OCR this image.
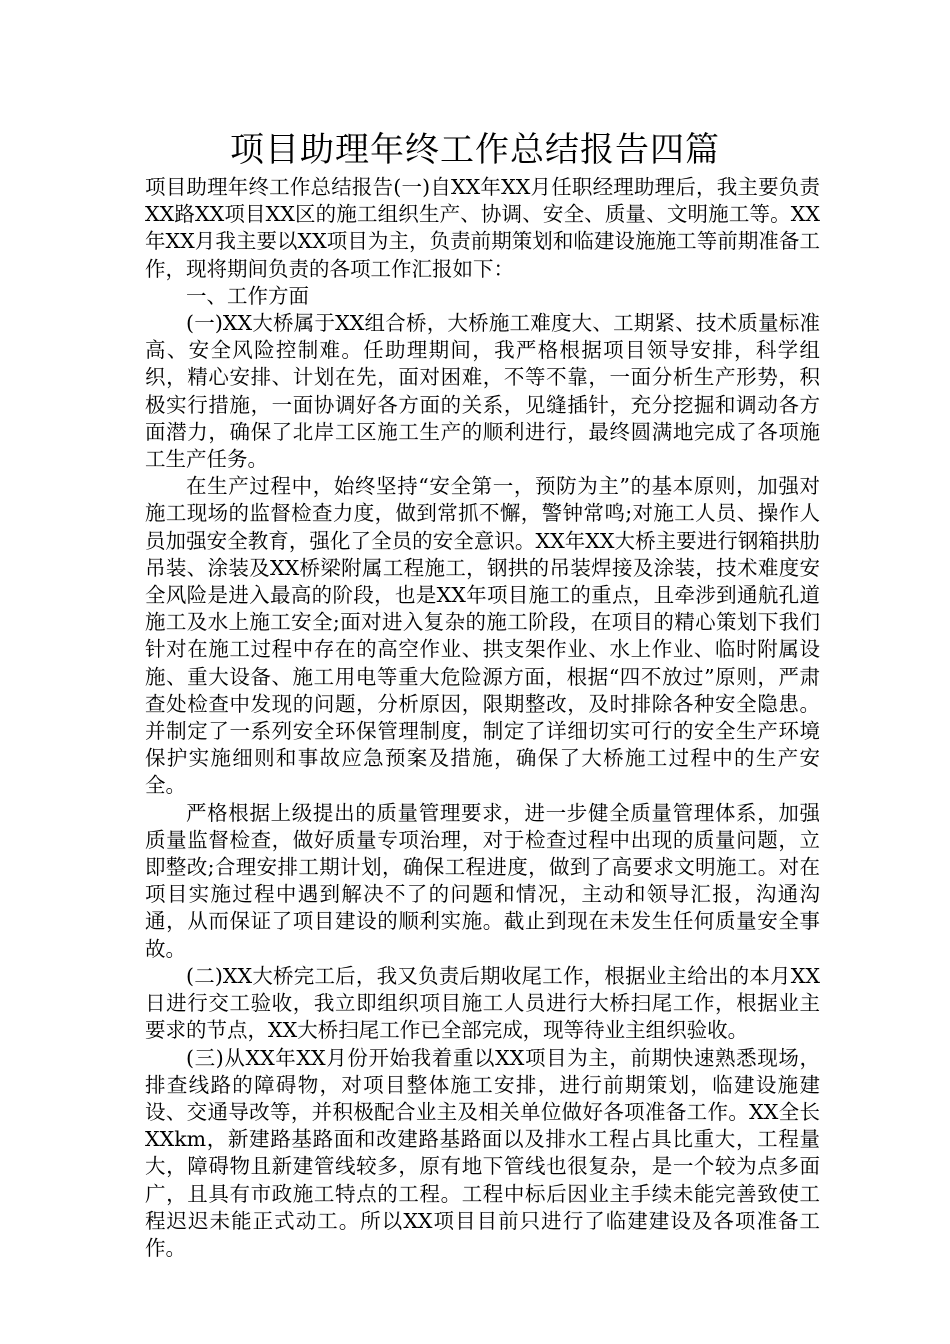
项目助理年终工作总结报告四篇

项目助理年终工作总结报告(一)自XX年XX月任职经理助理后，我主要负责XX路XX项目XX区的施工组织生产、协调、安全、质量、文明施工等。XX年XX月我主要以XX项目为主，负责前期策划和临建设施施工等前期准备工作，现将期间负责的各项工作汇报如下：

一、工作方面

(一)XX大桥属于XX组合桥，大桥施工难度大、工期紧、技术质量标准高、安全风险控制难。任助理期间，我严格根据项目领导安排，科学组织，精心安排、计划在先，面对困难，不等不靠，一面分析生产形势，积极实行措施，一面协调好各方面的关系，见缝插针，充分挖掘和调动各方面潜力，确保了北岸工区施工生产的顺利进行，最终圆满地完成了各项施工生产任务。

在生产过程中，始终坚持“安全第一，预防为主”的基本原则，加强对施工现场的监督检查力度，做到常抓不懈，警钟常鸣;对施工人员、操作人员加强安全教育，强化了全员的安全意识。XX年XX大桥主要进行钢箱拱肋吊装、涂装及XX桥梁附属工程施工，钢拱的吊装焊接及涂装，技术难度安全风险是进入最高的阶段，也是XX年项目施工的重点，且牵涉到通航孔道施工及水上施工安全;面对进入复杂的施工阶段，在项目的精心策划下我们针对在施工过程中存在的高空作业、拱支架作业、水上作业、临时附属设施、重大设备、施工用电等重大危险源方面，根据“四不放过”原则，严肃查处检查中发现的问题，分析原因，限期整改，及时排除各种安全隐患。并制定了一系列安全环保管理制度，制定了详细切实可行的安全生产环境保护实施细则和事故应急预案及措施，确保了大桥施工过程中的生产安全。

严格根据上级提出的质量管理要求，进一步健全质量管理体系，加强质量监督检查，做好质量专项治理，对于检查过程中出现的质量问题，立即整改;合理安排工期计划，确保工程进度，做到了高要求文明施工。对在项目实施过程中遇到解决不了的问题和情况，主动和领导汇报，沟通沟通，从而保证了项目建设的顺利实施。截止到现在未发生任何质量安全事故。

(二)XX大桥完工后，我又负责后期收尾工作，根据业主给出的本月XX日进行交工验收，我立即组织项目施工人员进行大桥扫尾工作，根据业主要求的节点，XX大桥扫尾工作已全部完成，现等待业主组织验收。

(三)从XX年XX月份开始我着重以XX项目为主，前期快速熟悉现场，排查线路的障碍物，对项目整体施工安排，进行前期策划，临建设施建设、交通导改等，并积极配合业主及相关单位做好各项准备工作。XX全长XXkm，新建路基路面和改建路基路面以及排水工程占具比重大，工程量大，障碍物且新建管线较多，原有地下管线也很复杂，是一个较为点多面广，且具有市政施工特点的工程。工程中标后因业主手续未能完善致使工程迟迟未能正式动工。所以XX项目目前只进行了临建建设及各项准备工作。
